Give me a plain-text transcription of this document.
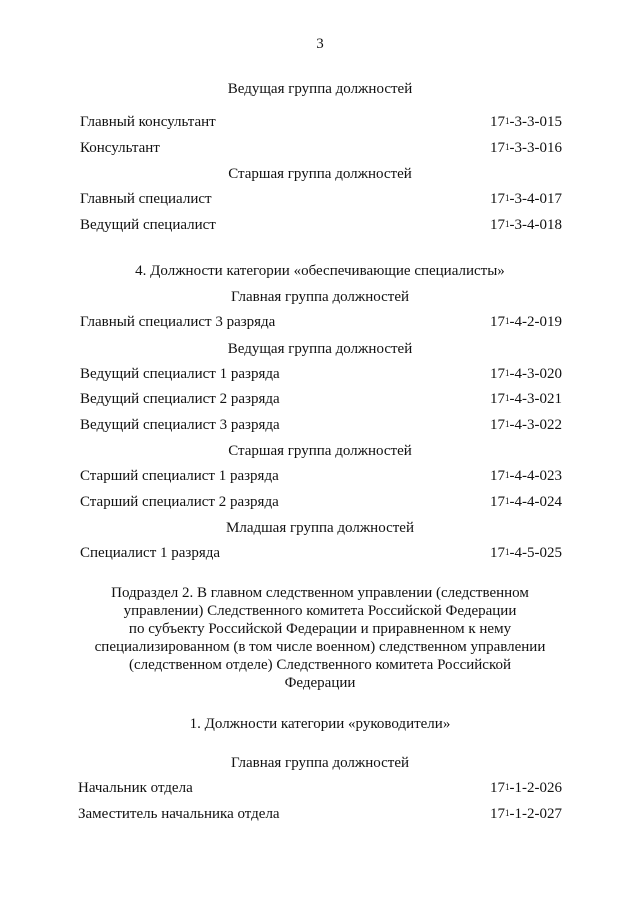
3
Ведущая группа должностей
Главный консультант	$17^1-3-3-015$
Консультант	$17^1-3-3-016$
Старшая группа должностей
Главный специалист	$17^1-3-4-017$
Ведущий специалист	$17^1-3-4-018$
4. Должности категории «обеспечивающие специалисты»
Главная группа должностей
Главный специалист 3 разряда	$17^1-4-2-019$
Ведущая группа должностей
Ведущий специалист 1 разряда	$17^1-4-3-020$
Ведущий специалист 2 разряда	$17^1-4-3-021$
Ведущий специалист 3 разряда	$17^1-4-3-022$
Старшая группа должностей
Старший специалист 1 разряда	$17^1-4-4-023$
Старший специалист 2 разряда	$17^1-4-4-024$
Младшая группа должностей
Специалист 1 разряда	$17^1-4-5-025$
Подраздел 2. В главном следственном управлении (следственном
управлении) Следственного комитета Российской Федерации
по субъекту Российской Федерации и приравненном к нему
специализированном (в том числе военном) следственном управлении
(следственном отделе) Следственного комитета Российской
Федерации
1. Должности категории «руководители»
Главная группа должностей
Начальник отдела	$17^1-1-2-026$
Заместитель начальника отдела	$17^1-1-2-027$
